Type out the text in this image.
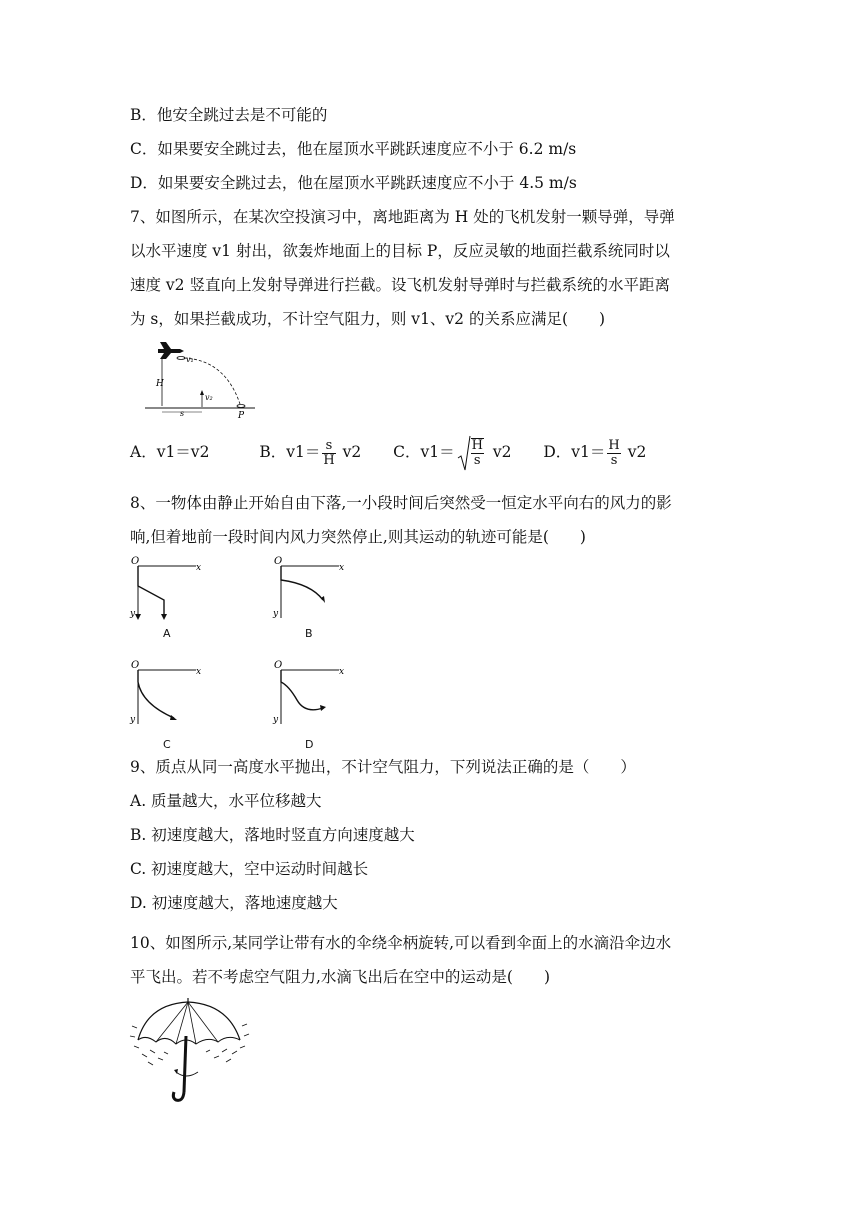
B．他安全跳过去是不可能的
C．如果要安全跳过去，他在屋顶水平跳跃速度应不小于 6.2 m/s
D．如果要安全跳过去，他在屋顶水平跳跃速度应不小于 4.5 m/s
7、如图所示，在某次空投演习中，离地距离为 H 处的飞机发射一颗导弹，导弹
以水平速度 v1 射出，欲轰炸地面上的目标 P，反应灵敏的地面拦截系统同时以
速度 v2 竖直向上发射导弹进行拦截。设飞机发射导弹时与拦截系统的水平距离
为 s，如果拦截成功，不计空气阻力，则 v1、v2 的关系应满足(　　)
v₁
v₂
H
s	P
A．v1＝v2	B．$v1= \frac{s}{H} v2$ C．$v1= \frac{H}{s} v2$ D．$v1= \frac{H}{s} v2$
8、一物体由静止开始自由下落,一小段时间后突然受一恒定水平向右的风力的影
响,但着地前一段时间内风力突然停止,则其运动的轨迹可能是(　　)
O
x
y
A
O
x
y
B
O
x
y
C
O
x
y
D
9、质点从同一高度水平抛出，不计空气阻力，下列说法正确的是（　　）
A. 质量越大，水平位移越大
B. 初速度越大，落地时竖直方向速度越大
C. 初速度越大，空中运动时间越长
D. 初速度越大，落地速度越大
10、如图所示,某同学让带有水的伞绕伞柄旋转,可以看到伞面上的水滴沿伞边水
平飞出。若不考虑空气阻力,水滴飞出后在空中的运动是(　　)
